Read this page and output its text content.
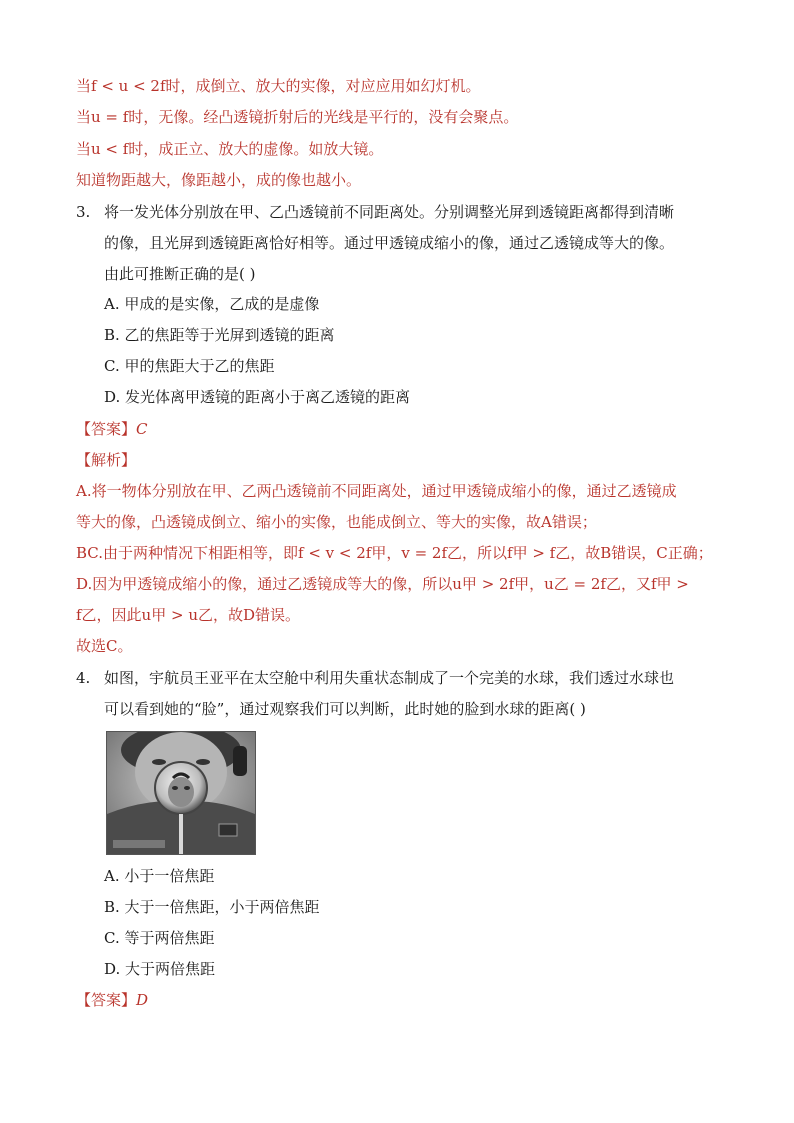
当f < u < 2f时，成倒立、放大的实像，对应应用如幻灯机。
当u = f时，无像。经凸透镜折射后的光线是平行的，没有会聚点。
当u < f时，成正立、放大的虚像。如放大镜。
知道物距越大，像距越小，成的像也越小。
3. 将一发光体分别放在甲、乙凸透镜前不同距离处。分别调整光屏到透镜距离都得到清晰
的像，且光屏到透镜距离恰好相等。通过甲透镜成缩小的像，通过乙透镜成等大的像。
由此可推断正确的是( )
A. 甲成的是实像，乙成的是虚像
B. 乙的焦距等于光屏到透镜的距离
C. 甲的焦距大于乙的焦距
D. 发光体离甲透镜的距离小于离乙透镜的距离
【答案】C
【解析】
A.将一物体分别放在甲、乙两凸透镜前不同距离处，通过甲透镜成缩小的像，通过乙透镜成
等大的像，凸透镜成倒立、缩小的实像，也能成倒立、等大的实像，故A错误；
BC.由于两种情况下相距相等，即f < v < 2f甲，v = 2f乙，所以f甲 > f乙，故B错误，C正确；
D.因为甲透镜成缩小的像，通过乙透镜成等大的像，所以u甲 > 2f甲，u乙 = 2f乙，又f甲 >
f乙，因此u甲 > u乙，故D错误。
故选C。
4. 如图，宇航员王亚平在太空舱中利用失重状态制成了一个完美的水球，我们透过水球也
可以看到她的“脸”，通过观察我们可以判断，此时她的脸到水球的距离( )
A. 小于一倍焦距
B. 大于一倍焦距，小于两倍焦距
C. 等于两倍焦距
D. 大于两倍焦距
【答案】D
